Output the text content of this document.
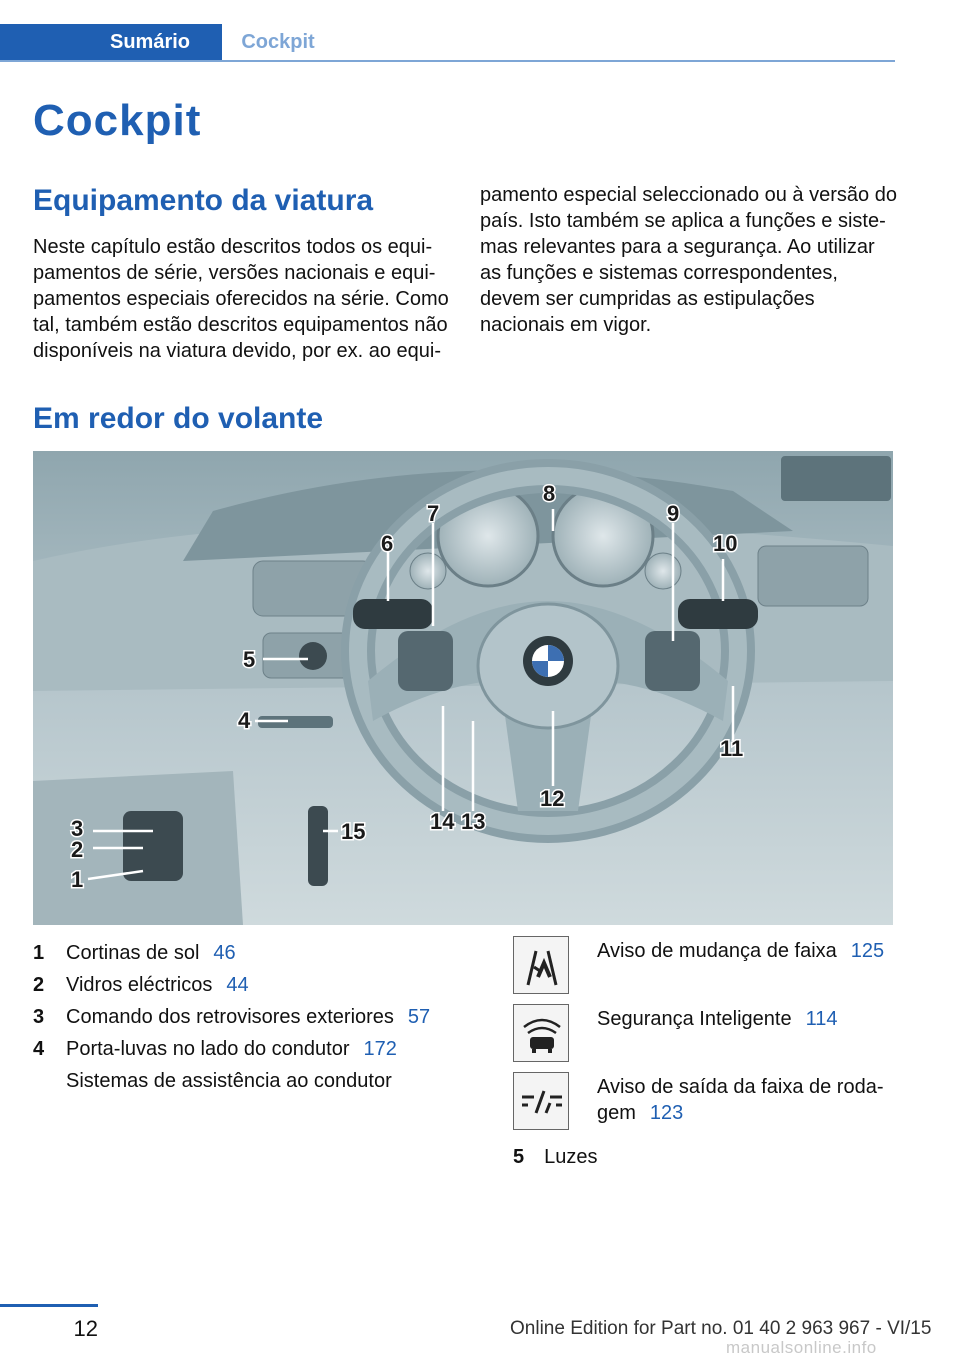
Sumário	Cockpit
Cockpit
Equipamento da viatura

Neste capítulo estão descritos todos os equipamentos de série, versões nacionais e equipamentos especiais oferecidos na série. Como tal, também estão descritos equipamentos não disponíveis na viatura devido, por ex. ao equi-

pamento especial seleccionado ou à versão do país. Isto também se aplica a funções e sistemas relevantes para a segurança. Ao utilizar as funções e sistemas correspondentes, devem ser cumpridas as estipulações nacionais em vigor.

Em redor do volante
1
2
3
4
5
6
7
8
9
10
11
12
13
14
15
1 Cortinas de sol 46
2 Vidros eléctricos 44
3 Comando dos retrovisores exteriores 57
4 Porta-luvas no lado do condutor 172
Sistemas de assistência ao condutor
Aviso de mudança de faixa 125
Segurança Inteligente 114
Aviso de saída da faixa de rodagem 123
5 Luzes
12	Online Edition for Part no. 01 40 2 963 967 - VI/15
manualsonline.info
